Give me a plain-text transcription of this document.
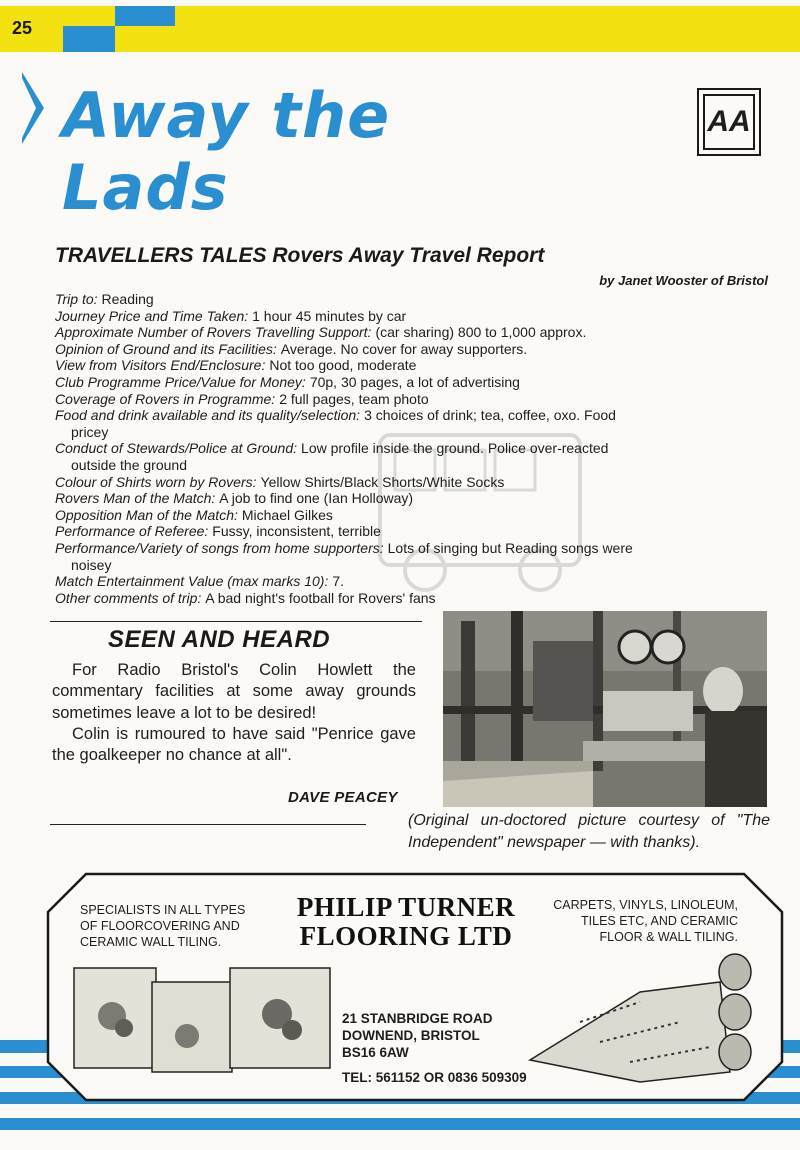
25
Away the
Lads
AA
TRAVELLERS TALES Rovers Away Travel Report
by Janet Wooster of Bristol
Trip to: Reading
Journey Price and Time Taken: 1 hour 45 minutes by car
Approximate Number of Rovers Travelling Support: (car sharing) 800 to 1,000 approx.
Opinion of Ground and its Facilities: Average. No cover for away supporters.
View from Visitors End/Enclosure: Not too good, moderate
Club Programme Price/Value for Money: 70p, 30 pages, a lot of advertising
Coverage of Rovers in Programme: 2 full pages, team photo
Food and drink available and its quality/selection: 3 choices of drink; tea, coffee, oxo. Food
pricey
Conduct of Stewards/Police at Ground: Low profile inside the ground. Police over-reacted
outside the ground
Colour of Shirts worn by Rovers: Yellow Shirts/Black Shorts/White Socks
Rovers Man of the Match: A job to find one (Ian Holloway)
Opposition Man of the Match: Michael Gilkes
Performance of Referee: Fussy, inconsistent, terrible
Performance/Variety of songs from home supporters: Lots of singing but Reading songs were
noisey
Match Entertainment Value (max marks 10): 7.
Other comments of trip: A bad night's football for Rovers' fans
SEEN AND HEARD

For Radio Bristol's Colin Howlett the commentary facilities at some away grounds sometimes leave a lot to be desired!

Colin is rumoured to have said "Penrice gave the goalkeeper no chance at all".

DAVE PEACEY
(Original un-doctored picture courtesy of "The Independent" newspaper — with thanks).
SPECIALISTS IN ALL TYPES
OF FLOORCOVERING AND
CERAMIC WALL TILING.
PHILIP TURNER
FLOORING LTD
CARPETS, VINYLS, LINOLEUM,
TILES ETC, AND CERAMIC
FLOOR & WALL TILING.
21 STANBRIDGE ROAD
DOWNEND, BRISTOL
BS16 6AW
TEL: 561152 OR 0836 509309
